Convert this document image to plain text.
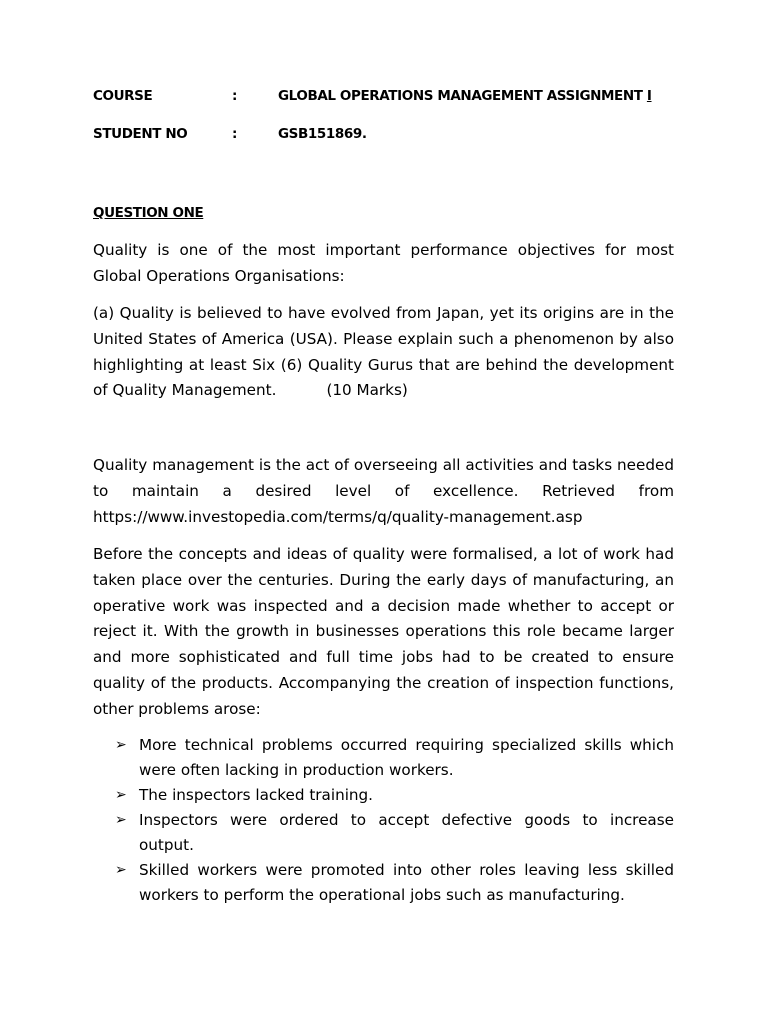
COURSE	:	GLOBAL OPERATIONS MANAGEMENT ASSIGNMENT I
STUDENT NO	:	GSB151869.
QUESTION ONE

Quality is one of the most important performance objectives for most Global Operations Organisations:

(a) Quality is believed to have evolved from Japan, yet its origins are in the United States of America (USA). Please explain such a phenomenon by also highlighting at least Six (6) Quality Gurus that are behind the development of Quality Management.	(10 Marks)

Quality management is the act of overseeing all activities and tasks needed to maintain a desired level of excellence. Retrieved from https://www.investopedia.com/terms/q/quality-management.asp

Before the concepts and ideas of quality were formalised, a lot of work had taken place over the centuries. During the early days of manufacturing, an operative work was inspected and a decision made whether to accept or reject it. With the growth in businesses operations this role became larger and more sophisticated and full time jobs had to be created to ensure quality of the products. Accompanying the creation of inspection functions, other problems arose:

➢ More technical problems occurred requiring specialized skills which were often lacking in production workers.
➢ The inspectors lacked training.
➢ Inspectors were ordered to accept defective goods to increase output.
➢ Skilled workers were promoted into other roles leaving less skilled workers to perform the operational jobs such as manufacturing.
